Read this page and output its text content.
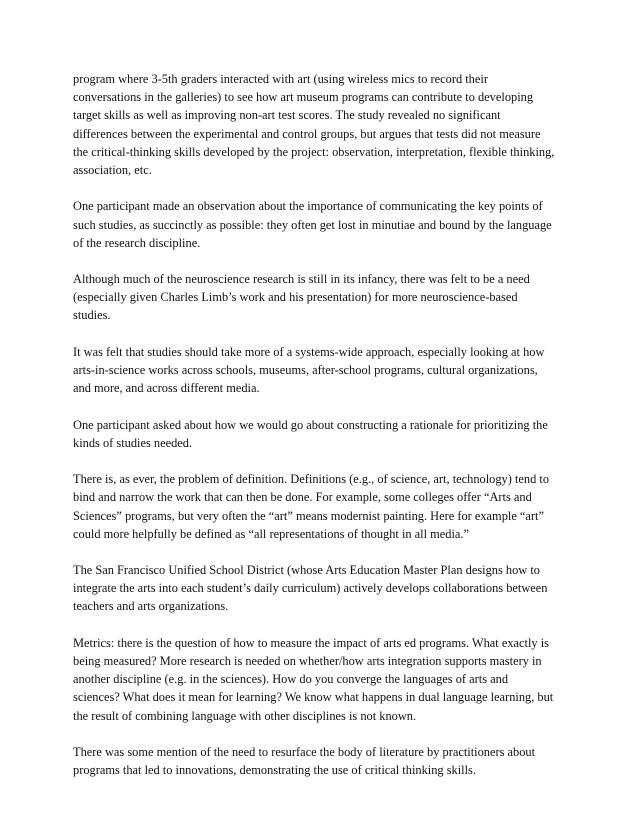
program where 3-5th graders interacted with art (using wireless mics to record their
conversations in the galleries) to see how art museum programs can contribute to developing
target skills as well as improving non-art test scores. The study revealed no significant
differences between the experimental and control groups, but argues that tests did not measure
the critical-thinking skills developed by the project: observation, interpretation, flexible thinking,
association, etc.

One participant made an observation about the importance of communicating the key points of
such studies, as succinctly as possible: they often get lost in minutiae and bound by the language
of the research discipline.

Although much of the neuroscience research is still in its infancy, there was felt to be a need
(especially given Charles Limb’s work and his presentation) for more neuroscience-based
studies.

It was felt that studies should take more of a systems-wide approach, especially looking at how
arts-in-science works across schools, museums, after-school programs, cultural organizations,
and more, and across different media.

One participant asked about how we would go about constructing a rationale for prioritizing the
kinds of studies needed.

There is, as ever, the problem of definition. Definitions (e.g., of science, art, technology) tend to
bind and narrow the work that can then be done. For example, some colleges offer “Arts and
Sciences” programs, but very often the “art” means modernist painting. Here for example “art”
could more helpfully be defined as “all representations of thought in all media.”

The San Francisco Unified School District (whose Arts Education Master Plan designs how to
integrate the arts into each student’s daily curriculum) actively develops collaborations between
teachers and arts organizations.

Metrics: there is the question of how to measure the impact of arts ed programs. What exactly is
being measured? More research is needed on whether/how arts integration supports mastery in
another discipline (e.g. in the sciences). How do you converge the languages of arts and
sciences? What does it mean for learning? We know what happens in dual language learning, but
the result of combining language with other disciplines is not known.

There was some mention of the need to resurface the body of literature by practitioners about
programs that led to innovations, demonstrating the use of critical thinking skills.
